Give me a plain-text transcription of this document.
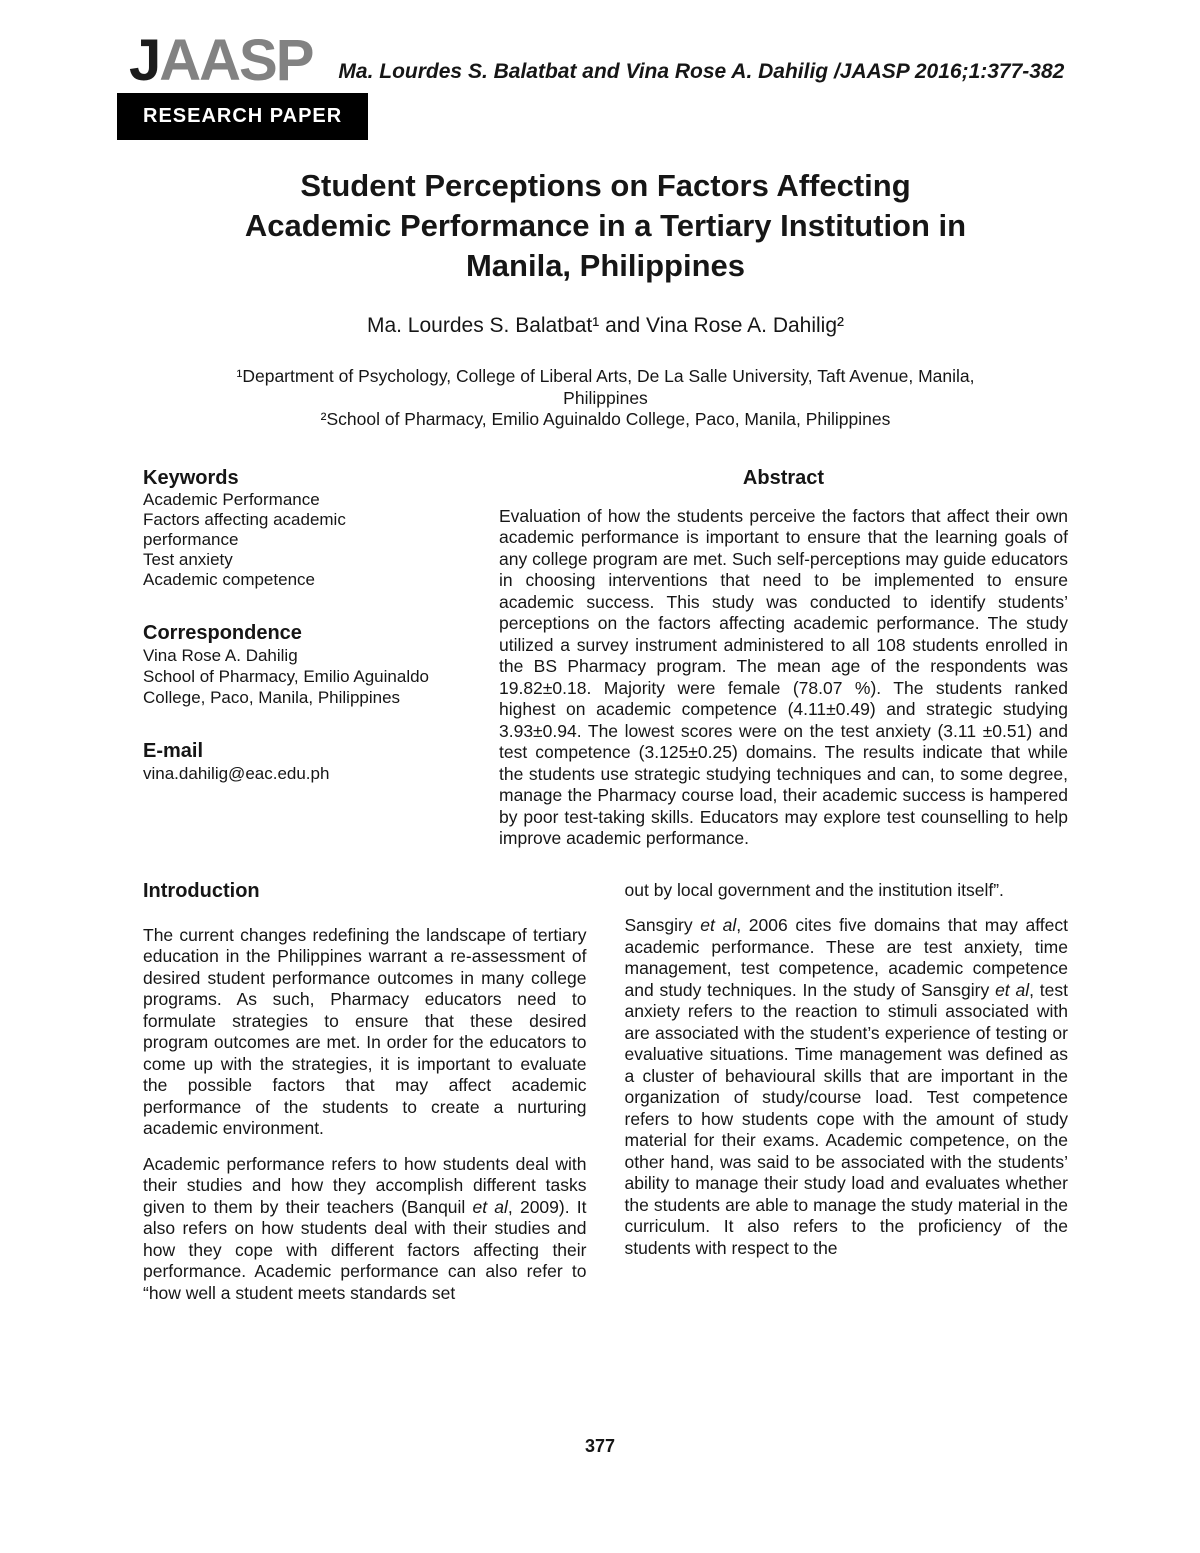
JAASP Ma. Lourdes S. Balatbat and Vina Rose A. Dahilig /JAASP 2016;1:377-382
RESEARCH PAPER
Student Perceptions on Factors Affecting
Academic Performance in a Tertiary Institution in
Manila, Philippines
Ma. Lourdes S. Balatbat¹ and Vina Rose A. Dahilig²
¹Department of Psychology, College of Liberal Arts, De La Salle University, Taft Avenue, Manila,
Philippines
²School of Pharmacy, Emilio Aguinaldo College, Paco, Manila, Philippines
Keywords
Academic Performance
Factors affecting academic performance
Test anxiety
Academic competence
Correspondence
Vina Rose A. Dahilig
School of Pharmacy, Emilio Aguinaldo College, Paco, Manila, Philippines
E-mail
vina.dahilig@eac.edu.ph
Abstract

Evaluation of how the students perceive the factors that affect their own academic performance is important to ensure that the learning goals of any college program are met. Such self-perceptions may guide educators in choosing interventions that need to be implemented to ensure academic success. This study was conducted to identify students’ perceptions on the factors affecting academic performance. The study utilized a survey instrument administered to all 108 students enrolled in the BS Pharmacy program. The mean age of the respondents was 19.82±0.18. Majority were female (78.07 %). The students ranked highest on academic competence (4.11±0.49) and strategic studying 3.93±0.94. The lowest scores were on the test anxiety (3.11 ±0.51) and test competence (3.125±0.25) domains. The results indicate that while the students use strategic studying techniques and can, to some degree, manage the Pharmacy course load, their academic success is hampered by poor test-taking skills. Educators may explore test counselling to help improve academic performance.

Introduction

The current changes redefining the landscape of tertiary education in the Philippines warrant a re-assessment of desired student performance outcomes in many college programs. As such, Pharmacy educators need to formulate strategies to ensure that these desired program outcomes are met. In order for the educators to come up with the strategies, it is important to evaluate the possible factors that may affect academic performance of the students to create a nurturing academic environment.

Academic performance refers to how students deal with their studies and how they accomplish different tasks given to them by their teachers (Banquil et al, 2009). It also refers on how students deal with their studies and how they cope with different factors affecting their performance. Academic performance can also refer to “how well a student meets standards set

out by local government and the institution itself”.

Sansgiry et al, 2006 cites five domains that may affect academic performance. These are test anxiety, time management, test competence, academic competence and study techniques. In the study of Sansgiry et al, test anxiety refers to the reaction to stimuli associated with are associated with the student’s experience of testing or evaluative situations. Time management was defined as a cluster of behavioural skills that are important in the organization of study/course load. Test competence refers to how students cope with the amount of study material for their exams. Academic competence, on the other hand, was said to be associated with the students’ ability to manage their study load and evaluates whether the students are able to manage the study material in the curriculum. It also refers to the proficiency of the students with respect to the

377
